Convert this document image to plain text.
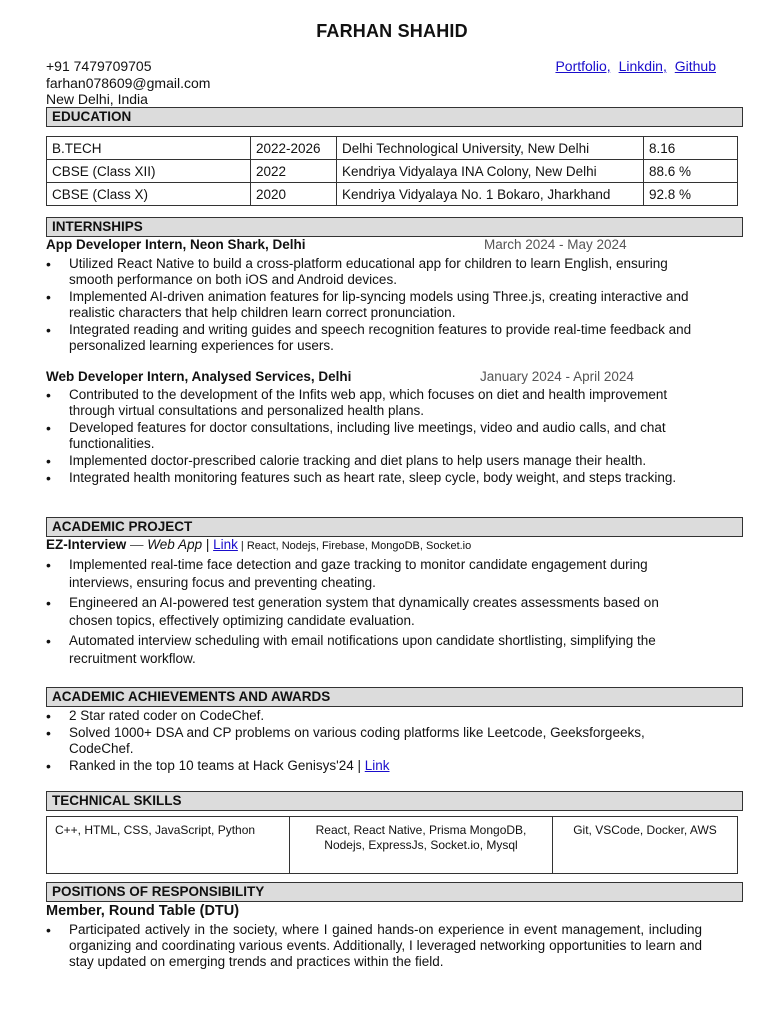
FARHAN SHAHID
+91 7479709705
farhan078609@gmail.com
New Delhi, India
Portfolio, Linkdin, Github
EDUCATION
B.TECH	2022-2026	Delhi Technological University, New Delhi	8.16
CBSE (Class XII)	2022	Kendriya Vidyalaya INA Colony, New Delhi	88.6 %
CBSE (Class X)	2020	Kendriya Vidyalaya No. 1 Bokaro, Jharkhand	92.8 %
INTERNSHIPS
App Developer Intern, Neon Shark, Delhi	March 2024 - May 2024
• Utilized React Native to build a cross-platform educational app for children to learn English, ensuring smooth performance on both iOS and Android devices.
• Implemented AI-driven animation features for lip-syncing models using Three.js, creating interactive and realistic characters that help children learn correct pronunciation.
• Integrated reading and writing guides and speech recognition features to provide real-time feedback and personalized learning experiences for users.
Web Developer Intern, Analysed Services, Delhi	January 2024 - April 2024
• Contributed to the development of the Infits web app, which focuses on diet and health improvement through virtual consultations and personalized health plans.
• Developed features for doctor consultations, including live meetings, video and audio calls, and chat functionalities.
• Implemented doctor-prescribed calorie tracking and diet plans to help users manage their health.
• Integrated health monitoring features such as heart rate, sleep cycle, body weight, and steps tracking.
ACADEMIC PROJECT
EZ-Interview — Web App | Link | React, Nodejs, Firebase, MongoDB, Socket.io
• Implemented real-time face detection and gaze tracking to monitor candidate engagement during interviews, ensuring focus and preventing cheating.
• Engineered an AI-powered test generation system that dynamically creates assessments based on chosen topics, effectively optimizing candidate evaluation.
• Automated interview scheduling with email notifications upon candidate shortlisting, simplifying the recruitment workflow.
ACADEMIC ACHIEVEMENTS AND AWARDS
• 2 Star rated coder on CodeChef.
• Solved 1000+ DSA and CP problems on various coding platforms like Leetcode, Geeksforgeeks, CodeChef.
• Ranked in the top 10 teams at Hack Genisys'24 | Link
TECHNICAL SKILLS
C++, HTML, CSS, JavaScript, Python	React, React Native, Prisma MongoDB, Nodejs, ExpressJs, Socket.io, Mysql	Git, VSCode, Docker, AWS
POSITIONS OF RESPONSIBILITY
Member, Round Table (DTU)
• Participated actively in the society, where I gained hands-on experience in event management, including organizing and coordinating various events. Additionally, I leveraged networking opportunities to learn and stay updated on emerging trends and practices within the field.
